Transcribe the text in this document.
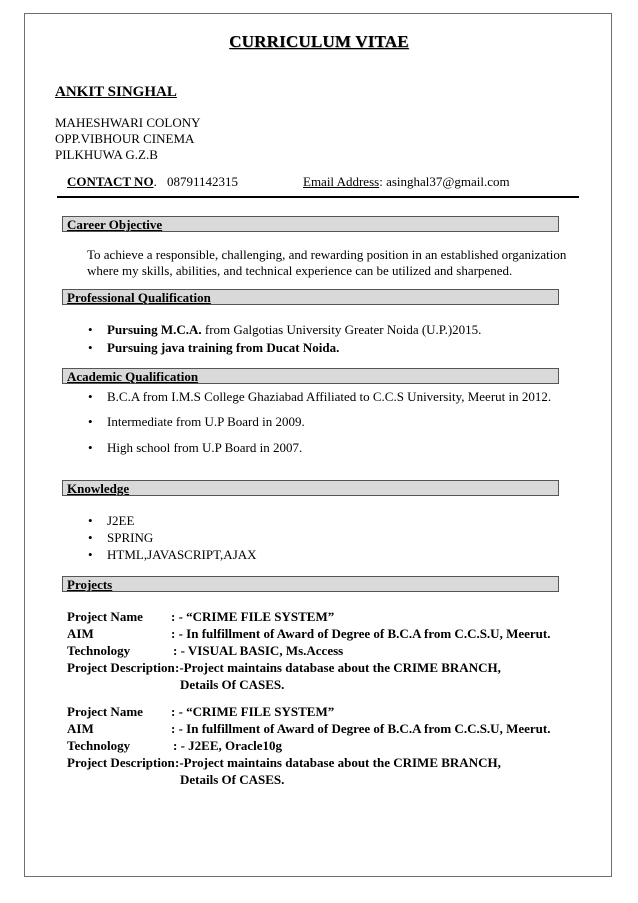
CURRICULUM VITAE
ANKIT SINGHAL
MAHESHWARI COLONY
OPP.VIBHOUR CINEMA
PILKHUWA G.Z.B
CONTACT NO. 08791142315	Email Address: asinghal37@gmail.com
Career Objective
To achieve a responsible, challenging, and rewarding position in an established organization
where my skills, abilities, and technical experience can be utilized and sharpened.
Professional Qualification
• Pursuing M.C.A. from Galgotias University Greater Noida (U.P.)2015.
• Pursuing java training from Ducat Noida.
Academic Qualification
• B.C.A from I.M.S College Ghaziabad Affiliated to C.C.S University, Meerut in 2012.
• Intermediate from U.P Board in 2009.
• High school from U.P Board in 2007.
Knowledge
• J2EE
• SPRING
• HTML,JAVASCRIPT,AJAX
Projects
Project Name : - “CRIME FILE SYSTEM”
AIM	: - In fulfillment of Award of Degree of B.C.A from C.C.S.U, Meerut.
Technology	: - VISUAL BASIC, Ms.Access
Project Description :-Project maintains database about the CRIME BRANCH,
Details Of CASES.
Project Name : - “CRIME FILE SYSTEM”
AIM	: - In fulfillment of Award of Degree of B.C.A from C.C.S.U, Meerut.
Technology	: - J2EE, Oracle10g
Project Description :-Project maintains database about the CRIME BRANCH,
Details Of CASES.
